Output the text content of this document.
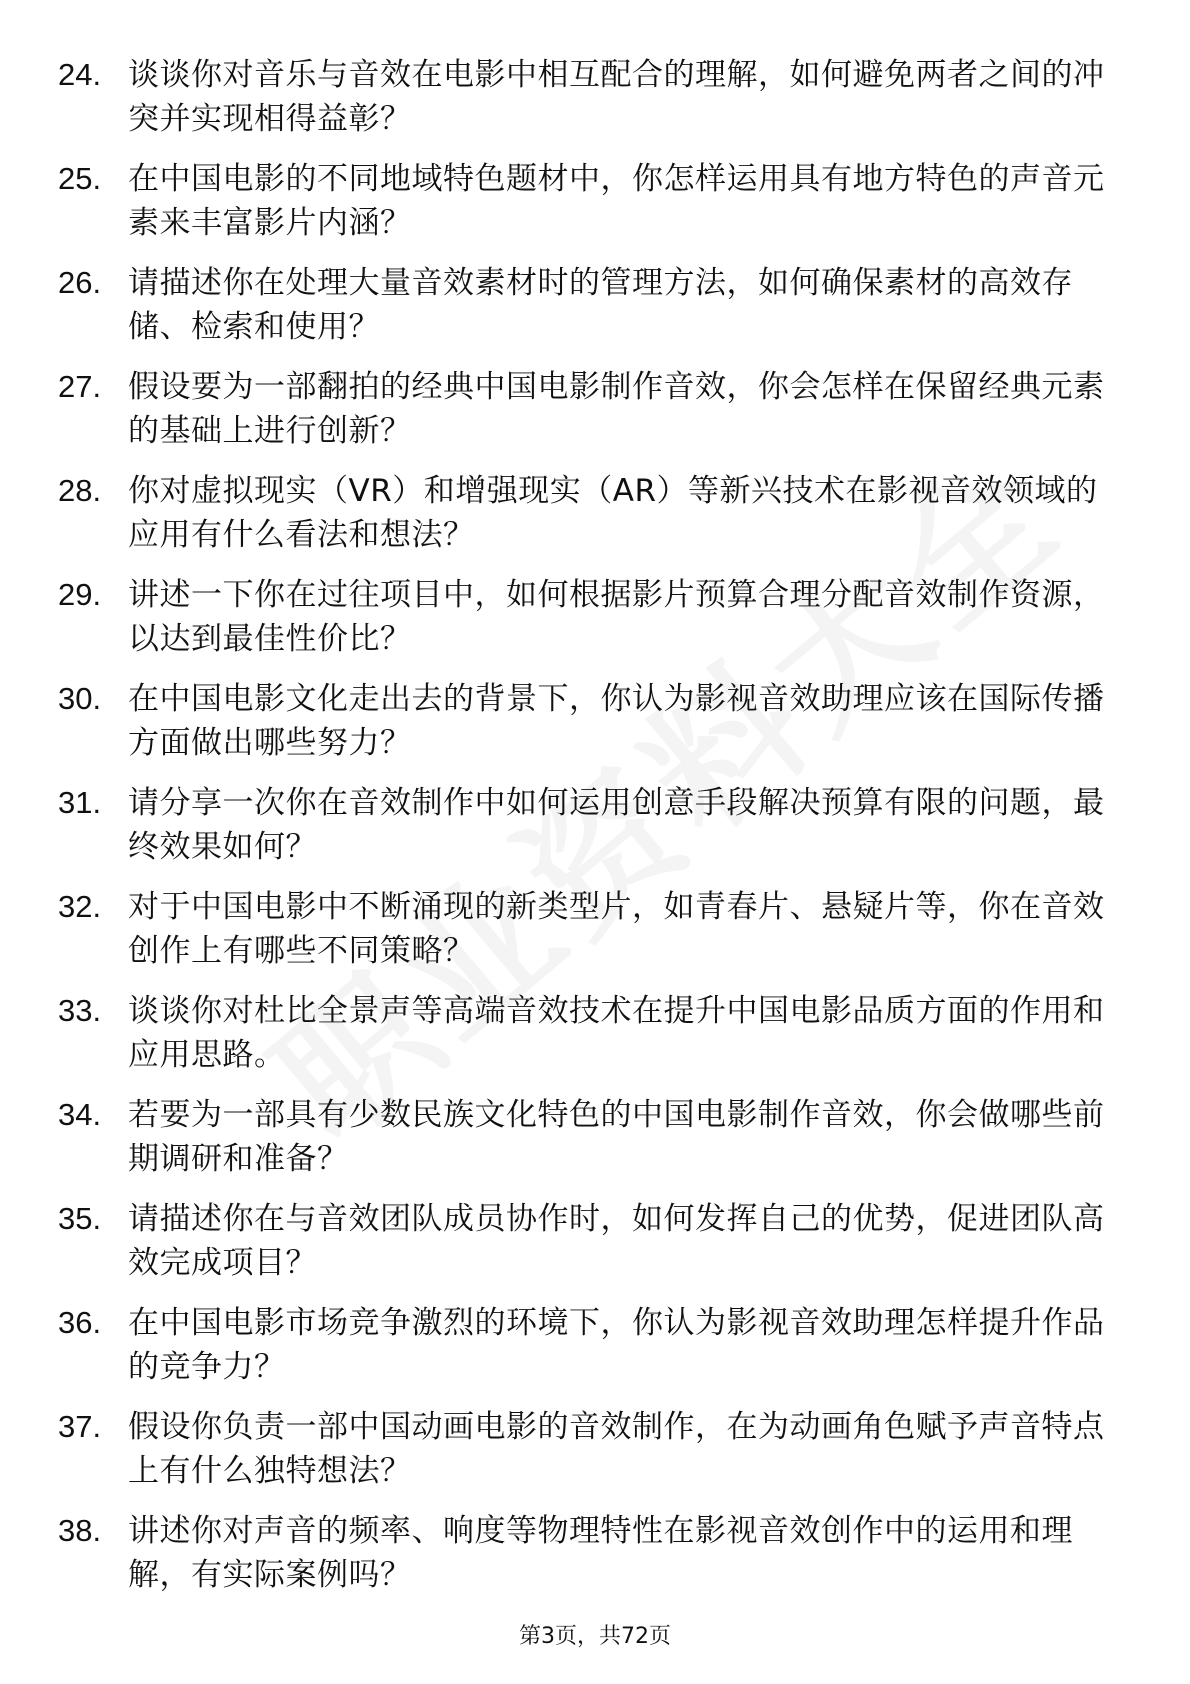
24. 谈谈你对音乐与音效在电影中相互配合的理解，如何避免两者之间的冲突并实现相得益彰？
25. 在中国电影的不同地域特色题材中，你怎样运用具有地方特色的声音元素来丰富影片内涵？
26. 请描述你在处理大量音效素材时的管理方法，如何确保素材的高效存储、检索和使用？
27. 假设要为一部翻拍的经典中国电影制作音效，你会怎样在保留经典元素的基础上进行创新？
28. 你对虚拟现实（VR）和增强现实（AR）等新兴技术在影视音效领域的应用有什么看法和想法？
29. 讲述一下你在过往项目中，如何根据影片预算合理分配音效制作资源，以达到最佳性价比？
30. 在中国电影文化走出去的背景下，你认为影视音效助理应该在国际传播方面做出哪些努力？
31. 请分享一次你在音效制作中如何运用创意手段解决预算有限的问题，最终效果如何？
32. 对于中国电影中不断涌现的新类型片，如青春片、悬疑片等，你在音效创作上有哪些不同策略？
33. 谈谈你对杜比全景声等高端音效技术在提升中国电影品质方面的作用和应用思路。
34. 若要为一部具有少数民族文化特色的中国电影制作音效，你会做哪些前期调研和准备？
35. 请描述你在与音效团队成员协作时，如何发挥自己的优势，促进团队高效完成项目？
36. 在中国电影市场竞争激烈的环境下，你认为影视音效助理怎样提升作品的竞争力？
37. 假设你负责一部中国动画电影的音效制作，在为动画角色赋予声音特点上有什么独特想法？
38. 讲述你对声音的频率、响度等物理特性在影视音效创作中的运用和理解，有实际案例吗？
第3页，共72页
